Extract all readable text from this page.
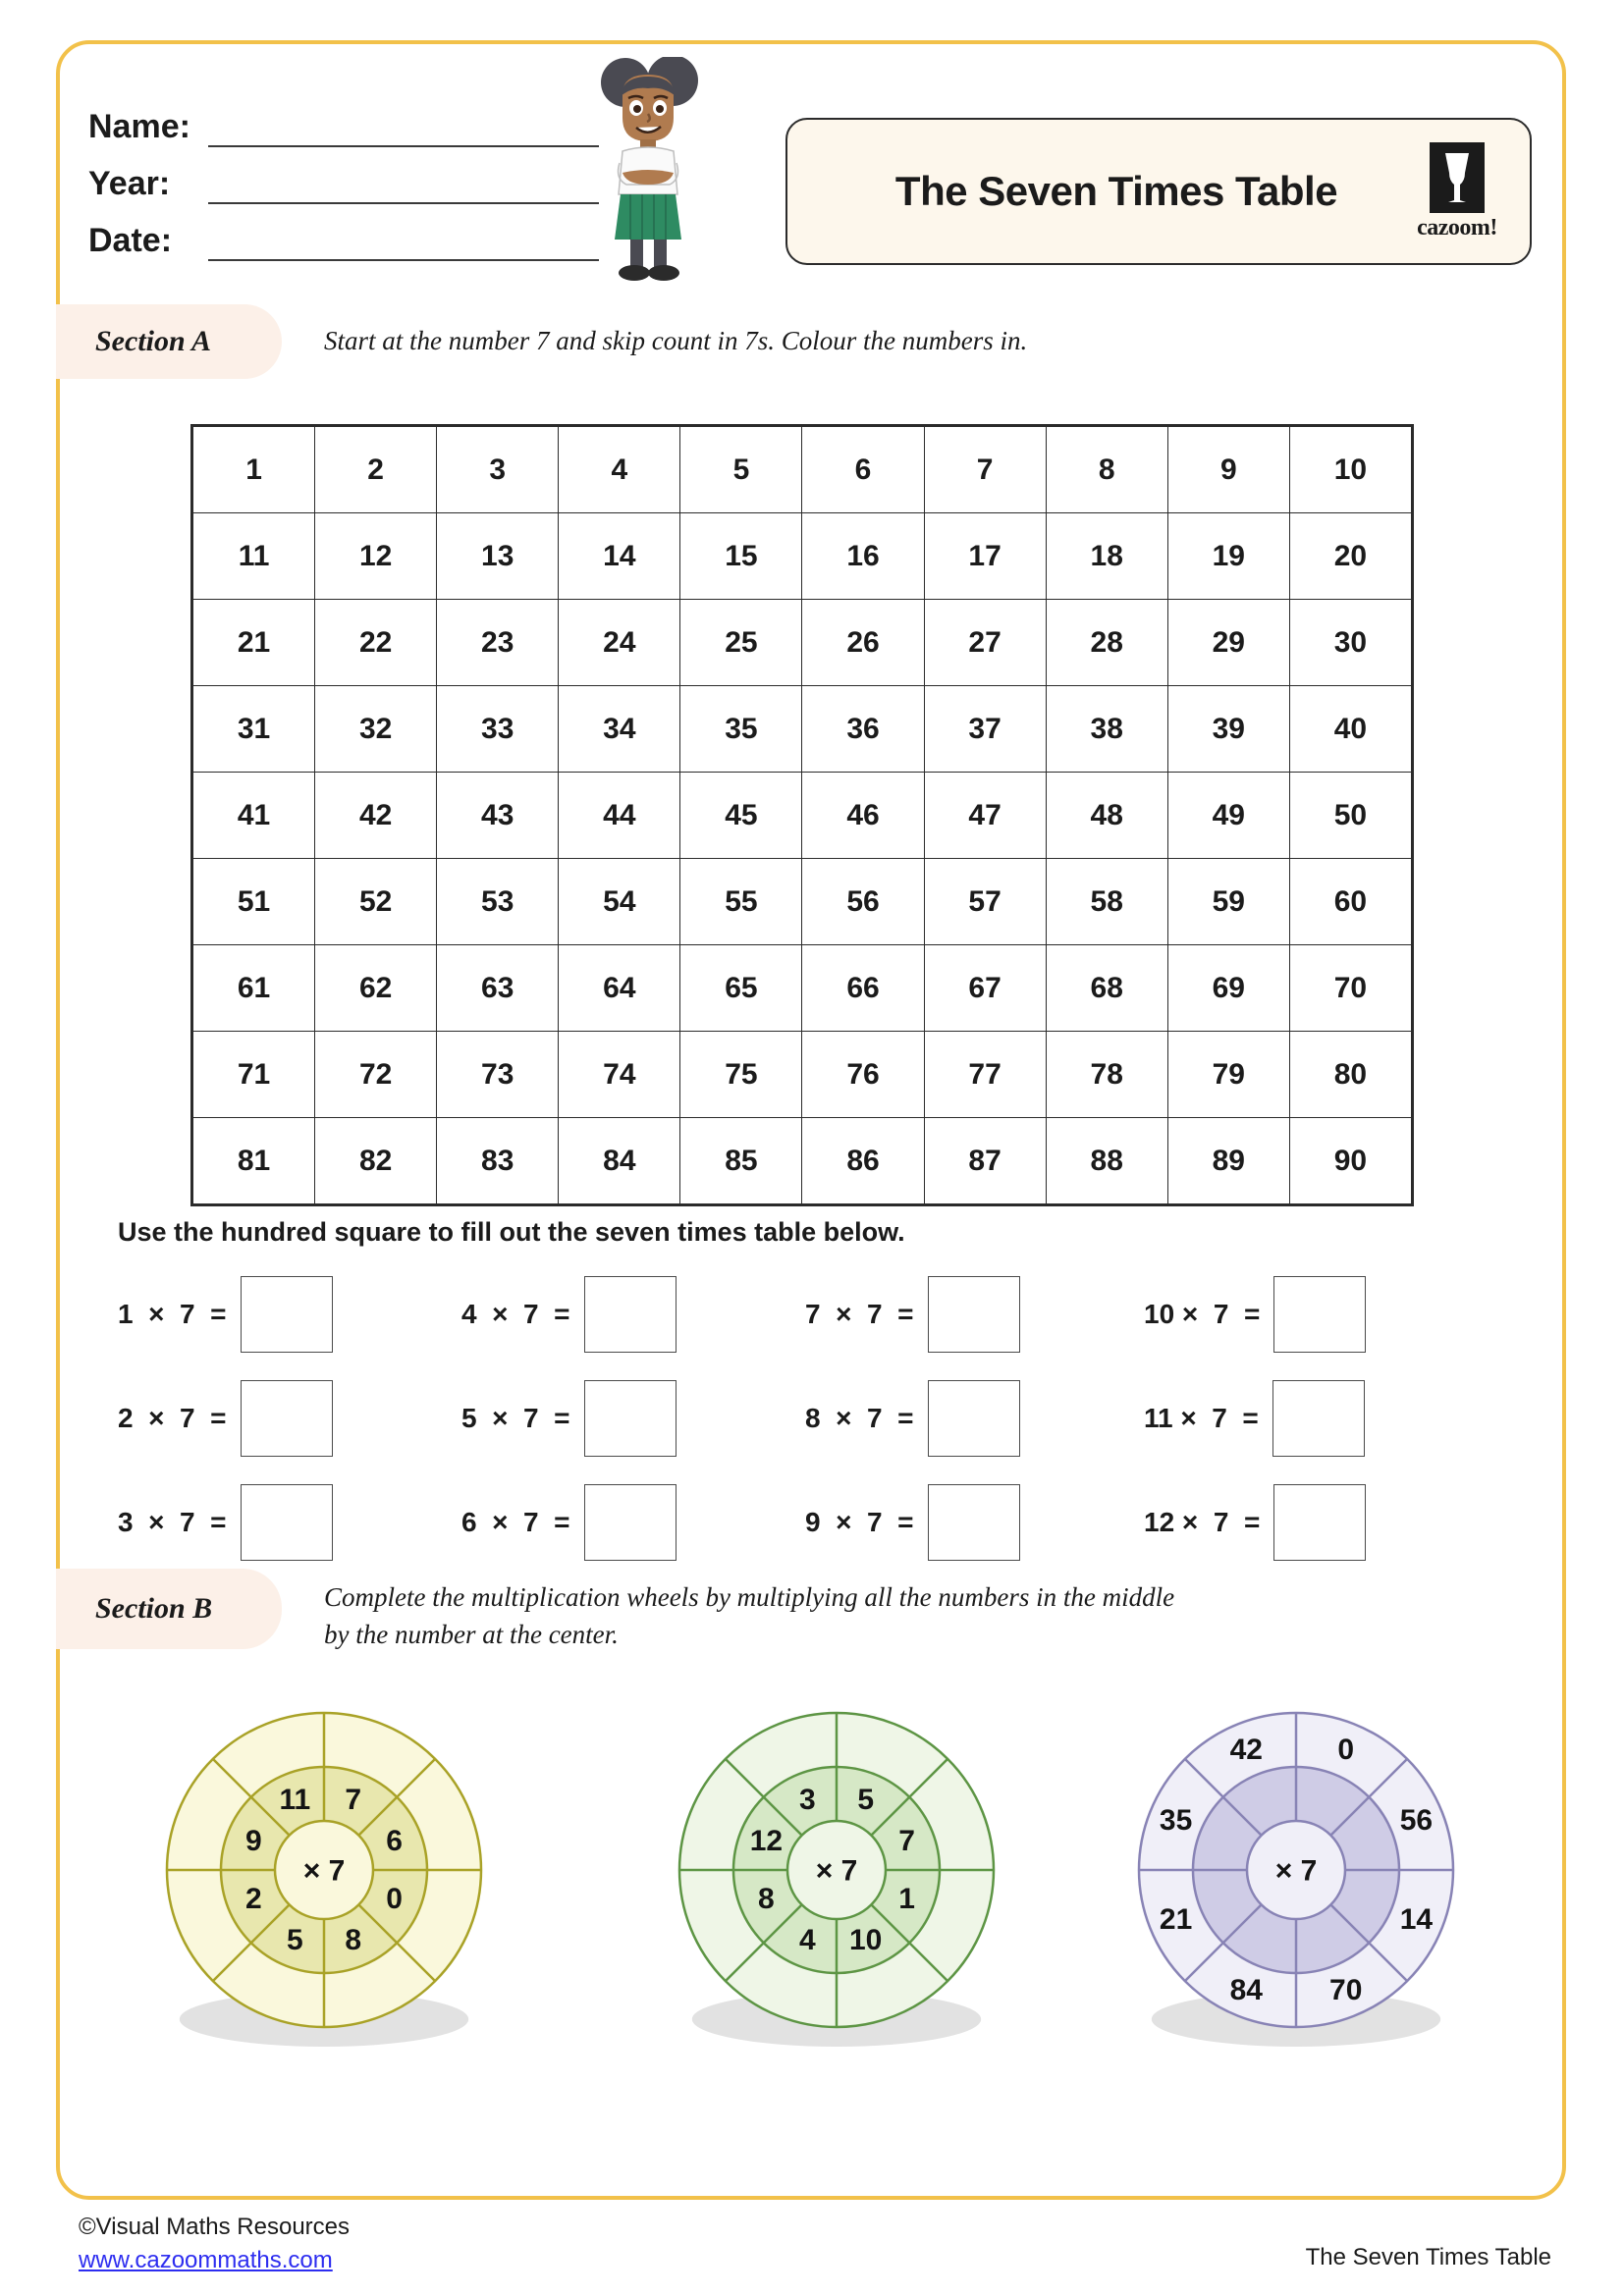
Name:
Year:
Date:
The Seven Times Table
cazoom!
Section A	Start at the number 7 and skip count in 7s. Colour the numbers in.
1	2	3	4	5	6	7	8	9	10
11	12	13	14	15	16	17	18	19	20
21	22	23	24	25	26	27	28	29	30
31	32	33	34	35	36	37	38	39	40
41	42	43	44	45	46	47	48	49	50
51	52	53	54	55	56	57	58	59	60
61	62	63	64	65	66	67	68	69	70
71	72	73	74	75	76	77	78	79	80
81	82	83	84	85	86	87	88	89	90
Use the hundred square to fill out the seven times table below.
1  ×  7  =
2  ×  7  =
3  ×  7  =
4  ×  7  =
5  ×  7  =
6  ×  7  =
7  ×  7  =
8  ×  7  =
9  ×  7  =
10 ×  7  =
11 ×  7  =
12 ×  7  =
Section B	Complete the multiplication wheels by multiplying all the numbers in the middle
by the number at the center.
× 7
7
6
0
8
5
2
9
11
× 7
5
7
1
10
4
8
12
3
× 7
0
56
14
70
84
21
35
42
©Visual Maths Resources
www.cazoommaths.com	The Seven Times Table
